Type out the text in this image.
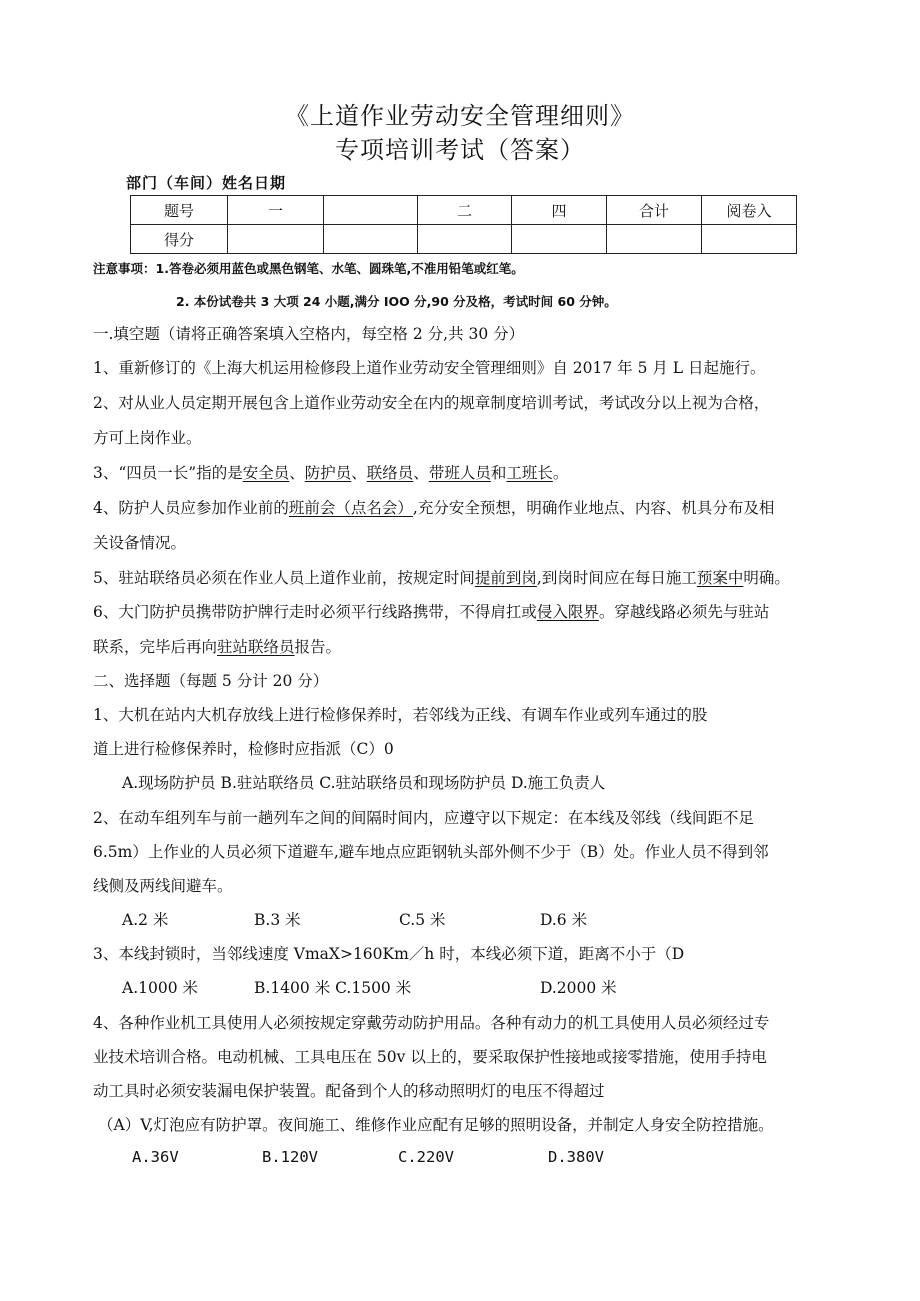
《上道作业劳动安全管理细则》
专项培训考试（答案）
部门（车间）姓名日期
题号	一		二	四	合计	阅卷入
得分						
注意事项：1.答卷必须用蓝色或黑色钢笔、水笔、圆珠笔,不准用铅笔或红笔。
2. 本份试卷共 3 大项 24 小题,满分 IOO 分,90 分及格，考试时间 60 分钟。
一.填空题（请将正确答案填入空格内，每空格 2 分,共 30 分）
1、重新修订的《上海大机运用检修段上道作业劳动安全管理细则》自 2017 年 5 月 L 日起施行。
2、对从业人员定期开展包含上道作业劳动安全在内的规章制度培训考试，考试改分以上视为合格，
方可上岗作业。
3、“四员一长”指的是安全员、防护员、联络员、带班人员和工班长。
4、防护人员应参加作业前的班前会（点名会）,充分安全预想，明确作业地点、内容、机具分布及相
关设备情况。
5、驻站联络员必须在作业人员上道作业前，按规定时间提前到岗,到岗时间应在每日施工预案中明确。
6、大门防护员携带防护牌行走时必须平行线路携带，不得肩扛或侵入限界。穿越线路必须先与驻站
联系，完毕后再向驻站联络员报告。
二、选择题（每题 5 分计 20 分）
1、大机在站内大机存放线上进行检修保养时，若邻线为正线、有调车作业或列车通过的股
道上进行检修保养时，检修时应指派（C）0
A.现场防护员 B.驻站联络员 C.驻站联络员和现场防护员 D.施工负责人
2、在动车组列车与前一趟列车之间的间隔时间内，应遵守以下规定：在本线及邻线（线间距不足
6.5m）上作业的人员必须下道避车,避车地点应距钢轨头部外侧不少于（B）处。作业人员不得到邻
线侧及两线间避车。
A.2 米	B.3 米	C.5 米	D.6 米
3、本线封锁时，当邻线速度 VmaX>160Km／h 时，本线必须下道，距离不小于（D
A.1000 米	B.1400 米 C.1500 米	D.2000 米
4、各种作业机工具使用人必须按规定穿戴劳动防护用品。各种有动力的机工具使用人员必须经过专
业技术培训合格。电动机械、工具电压在 50v 以上的，要采取保护性接地或接零措施，使用手持电
动工具时必须安装漏电保护装置。配备到个人的移动照明灯的电压不得超过
（A）V,灯泡应有防护罩。夜间施工、维修作业应配有足够的照明设备，并制定人身安全防控措施。
A.36V	B.120V	C.220V	D.380V
